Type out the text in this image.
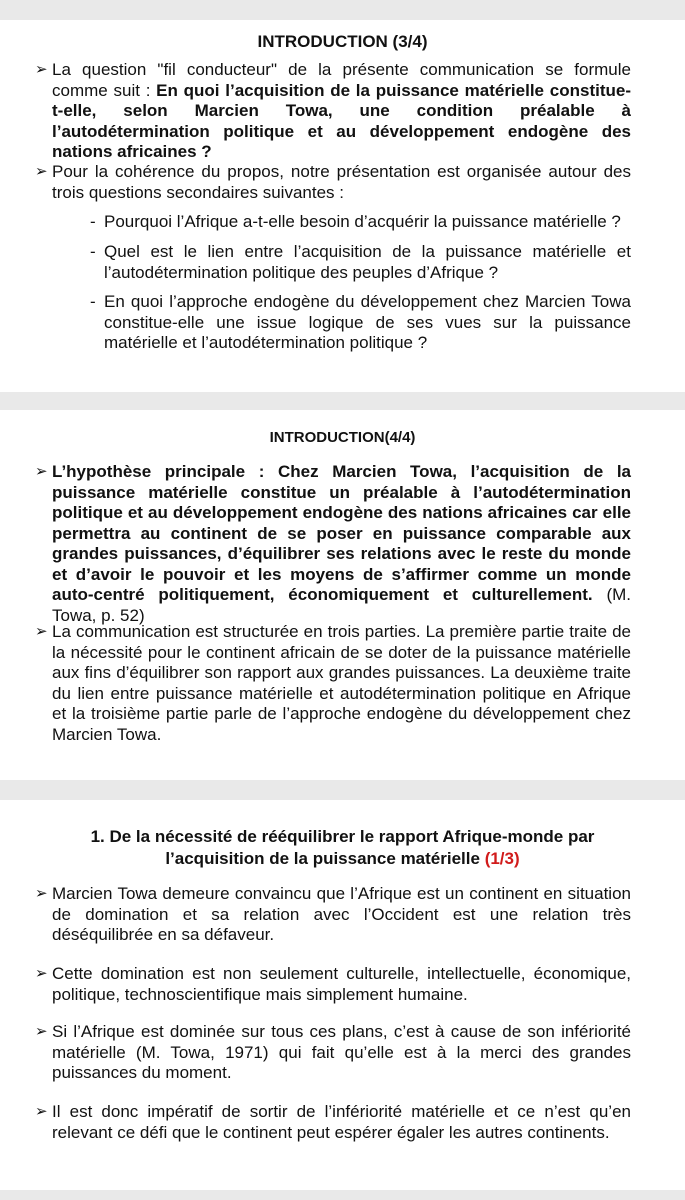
INTRODUCTION (3/4)
➢ La question "fil conducteur" de la présente communication se formule comme suit : En quoi l’acquisition de la puissance matérielle constitue-t-elle, selon Marcien Towa, une condition préalable à l’autodétermination politique et au développement endogène des nations africaines ?
➢ Pour la cohérence du propos, notre présentation est organisée autour des trois questions secondaires suivantes :
- Pourquoi l’Afrique a-t-elle besoin d’acquérir la puissance matérielle ?
- Quel est le lien entre l’acquisition de la puissance matérielle et l’autodétermination politique des peuples d’Afrique ?
- En quoi l’approche endogène du développement chez Marcien Towa constitue-elle une issue logique de ses vues sur la puissance matérielle et l’autodétermination politique ?
INTRODUCTION(4/4)
➢ L’hypothèse principale : Chez Marcien Towa, l’acquisition de la puissance matérielle constitue un préalable à l’autodétermination politique et au développement endogène des nations africaines car elle permettra au continent de se poser en puissance comparable aux grandes puissances, d’équilibrer ses relations avec le reste du monde et d’avoir le pouvoir et les moyens de s’affirmer comme un monde auto-centré politiquement, économiquement et culturellement. (M. Towa, p. 52)
➢ La communication est structurée en trois parties. La première partie traite de la nécessité pour le continent africain de se doter de la puissance matérielle aux fins d’équilibrer son rapport aux grandes puissances. La deuxième traite du lien entre puissance matérielle et autodétermination politique en Afrique et la troisième partie parle de l’approche endogène du développement chez Marcien Towa.
1. De la nécessité de rééquilibrer le rapport Afrique-monde par l’acquisition de la puissance matérielle (1/3)
➢ Marcien Towa demeure convaincu que l’Afrique est un continent en situation de domination et sa relation avec l’Occident est une relation très déséquilibrée en sa défaveur.
➢ Cette domination est non seulement culturelle, intellectuelle, économique, politique, technoscientifique mais simplement humaine.
➢ Si l’Afrique est dominée sur tous ces plans, c’est à cause de son infériorité matérielle (M. Towa, 1971) qui fait qu’elle est à la merci des grandes puissances du moment.
➢ Il est donc impératif de sortir de l’infériorité matérielle et ce n’est qu’en relevant ce défi que le continent peut espérer égaler les autres continents.
